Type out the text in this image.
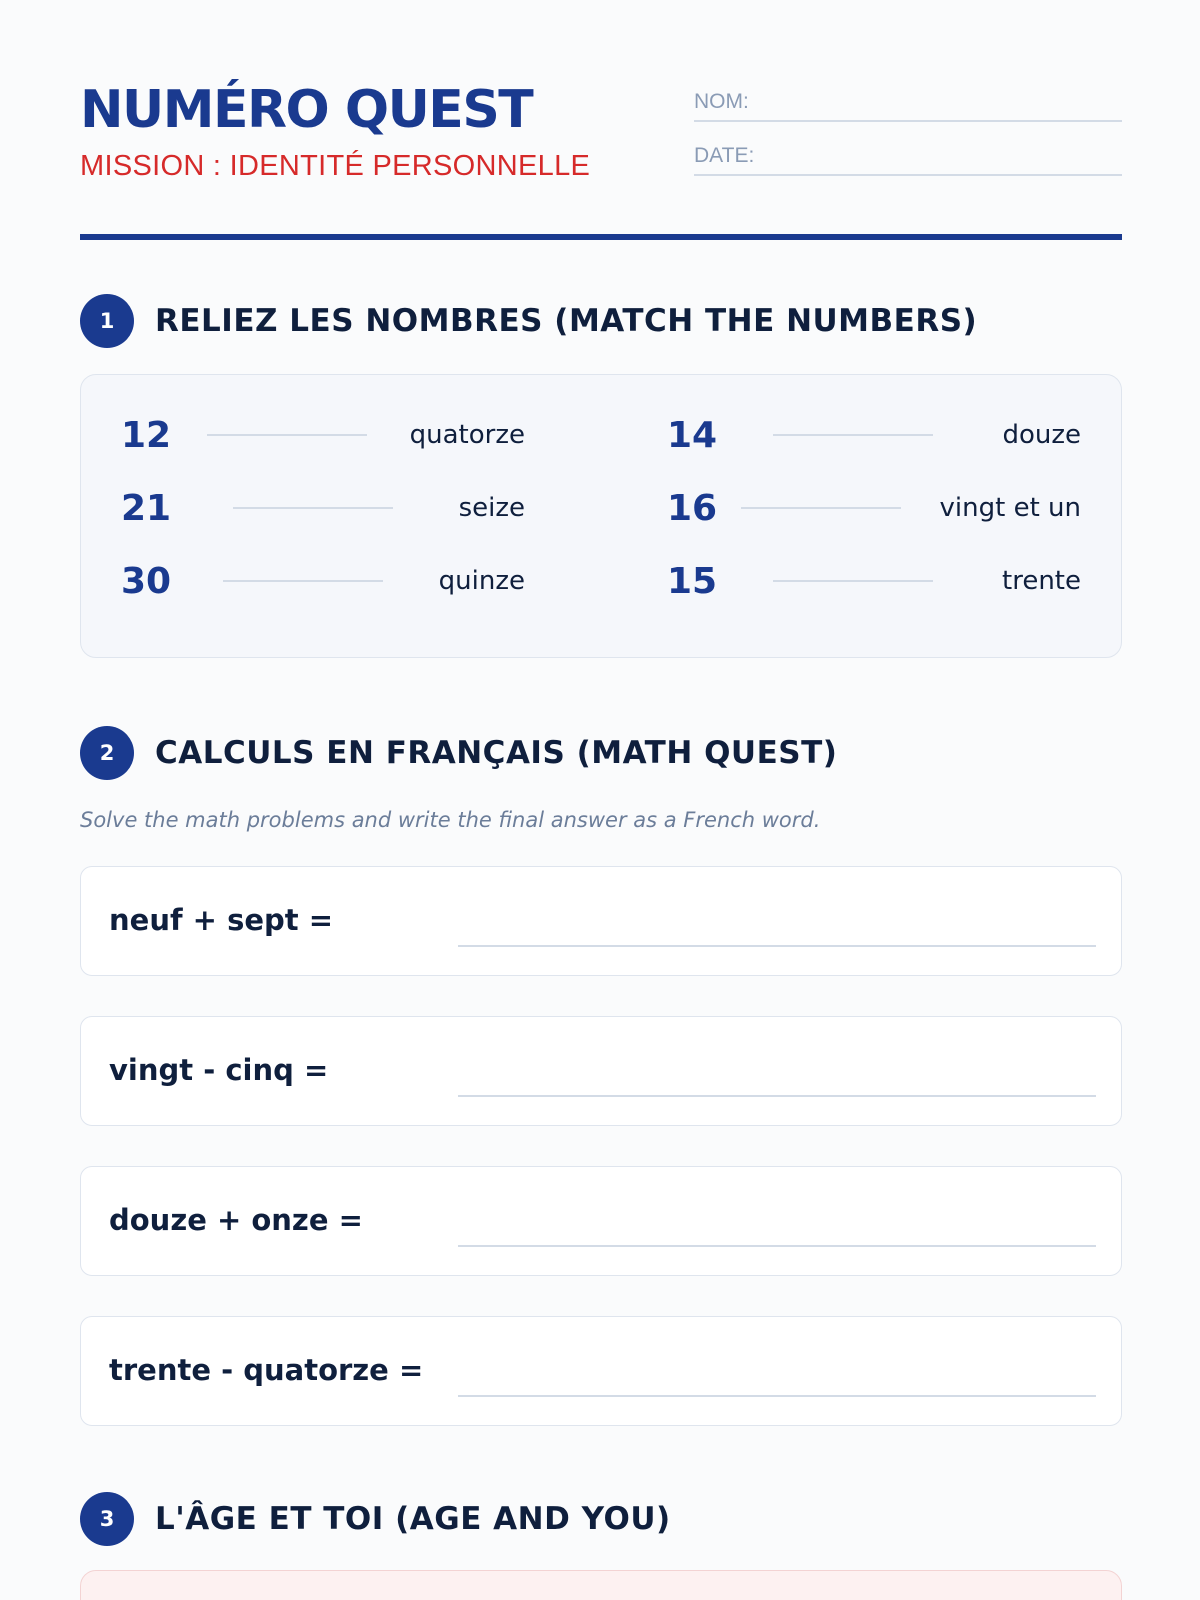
NUMÉRO QUEST
MISSION : IDENTITÉ PERSONNELLE
NOM:
DATE:
1	RELIEZ LES NOMBRES (MATCH THE NUMBERS)
12	quatorze
21	seize
30	quinze
14	douze
16	vingt et un
15	trente
2	CALCULS EN FRANÇAIS (MATH QUEST)
Solve the math problems and write the final answer as a French word.
neuf + sept =
vingt - cinq =
douze + onze =
trente - quatorze =
3	L'ÂGE ET TOI (AGE AND YOU)
